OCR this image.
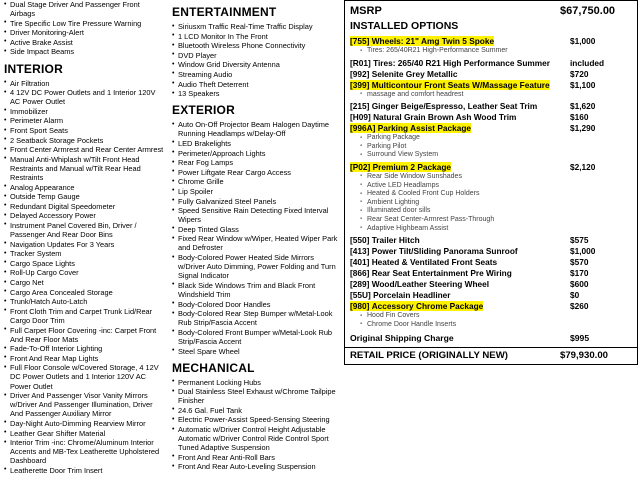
• Dual Stage Driver And Passenger Front Airbags
• Tire Specific Low Tire Pressure Warning
• Driver Monitoring-Alert
• Active Brake Assist
• Side Impact Beams
INTERIOR
• Air Filtration
• 4 12V DC Power Outlets and 1 Interior 120V AC Power Outlet
• Immobilizer
• Perimeter Alarm
• Front Sport Seats
• 2 Seatback Storage Pockets
• Front Center Armrest and Rear Center Armrest
• Manual Anti-Whiplash w/Tilt Front Head Restraints and Manual w/Tilt Rear Head Restraints
• Analog Appearance
• Outside Temp Gauge
• Redundant Digital Speedometer
• Delayed Accessory Power
• Instrument Panel Covered Bin, Driver / Passenger And Rear Door Bins
• Navigation Updates For 3 Years
• Tracker System
• Cargo Space Lights
• Roll-Up Cargo Cover
• Cargo Net
• Cargo Area Concealed Storage
• Trunk/Hatch Auto-Latch
• Front Cloth Trim and Carpet Trunk Lid/Rear Cargo Door Trim
• Full Carpet Floor Covering -inc: Carpet Front And Rear Floor Mats
• Fade-To-Off Interior Lighting
• Front And Rear Map Lights
• Full Floor Console w/Covered Storage, 4 12V DC Power Outlets and 1 Interior 120V AC Power Outlet
• Driver And Passenger Visor Vanity Mirrors w/Driver And Passenger Illumination, Driver And Passenger Auxiliary Mirror
• Day-Night Auto-Dimming Rearview Mirror
• Leather Gear Shifter Material
• Interior Trim -inc: Chrome/Aluminum Interior Accents and MB-Tex Leatherette Upholstered Dashboard
• Leatherette Door Trim Insert
ENTERTAINMENT
• Siriusxm Traffic Real-Time Traffic Display
• 1 LCD Monitor In The Front
• Bluetooth Wireless Phone Connectivity
• DVD Player
• Window Grid Diversity Antenna
• Streaming Audio
• Audio Theft Deterrent
• 13 Speakers
EXTERIOR
• Auto On-Off Projector Beam Halogen Daytime Running Headlamps w/Delay-Off
• LED Brakelights
• Perimeter/Approach Lights
• Rear Fog Lamps
• Power Liftgate Rear Cargo Access
• Chrome Grille
• Lip Spoiler
• Fully Galvanized Steel Panels
• Speed Sensitive Rain Detecting Fixed Interval Wipers
• Deep Tinted Glass
• Fixed Rear Window w/Wiper, Heated Wiper Park and Defroster
• Body-Colored Power Heated Side Mirrors w/Driver Auto Dimming, Power Folding and Turn Signal Indicator
• Black Side Windows Trim and Black Front Windshield Trim
• Body-Colored Door Handles
• Body-Colored Rear Step Bumper w/Metal-Look Rub Strip/Fascia Accent
• Body-Colored Front Bumper w/Metal-Look Rub Strip/Fascia Accent
• Steel Spare Wheel
MECHANICAL
• Permanent Locking Hubs
• Dual Stainless Steel Exhaust w/Chrome Tailpipe Finisher
• 24.6 Gal. Fuel Tank
• Electric Power-Assist Speed-Sensing Steering
• Automatic w/Driver Control Height Adjustable Automatic w/Driver Control Ride Control Sport Tuned Adaptive Suspension
• Front And Rear Anti-Roll Bars
• Front And Rear Auto-Leveling Suspension
MSRP	$67,750.00
INSTALLED OPTIONS
[755] Wheels: 21" Amg Twin 5 Spoke	$1,000
▪ Tires: 265/40R21 High-Performance Summer
[R01] Tires: 265/40 R21 High Performance Summer	included
[992] Selenite Grey Metallic	$720
[399] Multicontour Front Seats W/Massage Feature	$1,100
▪ massage and comfort headrest
[215] Ginger Beige/Espresso, Leather Seat Trim	$1,620
[H09] Natural Grain Brown Ash Wood Trim	$160
[996A] Parking Assist Package	$1,290
▪ Parking Package
▪ Parking Pilot
▪ Surround View System
[P02] Premium 2 Package	$2,120
▪ Rear Side Window Sunshades
▪ Active LED Headlamps
▪ Heated & Cooled Front Cup Holders
▪ Ambient Lighting
▪ Illuminated door sills
▪ Rear Seat Center-Armrest Pass-Through
▪ Adaptive Highbeam Assist
[550] Trailer Hitch	$575
[413] Power Tilt/Sliding Panorama Sunroof	$1,000
[401] Heated & Ventilated Front Seats	$570
[866] Rear Seat Entertainment Pre Wiring	$170
[289] Wood/Leather Steering Wheel	$600
[55U] Porcelain Headliner	$0
[980] Accessory Chrome Package	$260
▪ Hood Fin Covers
▪ Chrome Door Handle Inserts
Original Shipping Charge	$995
RETAIL PRICE (ORIGINALLY NEW)	$79,930.00
